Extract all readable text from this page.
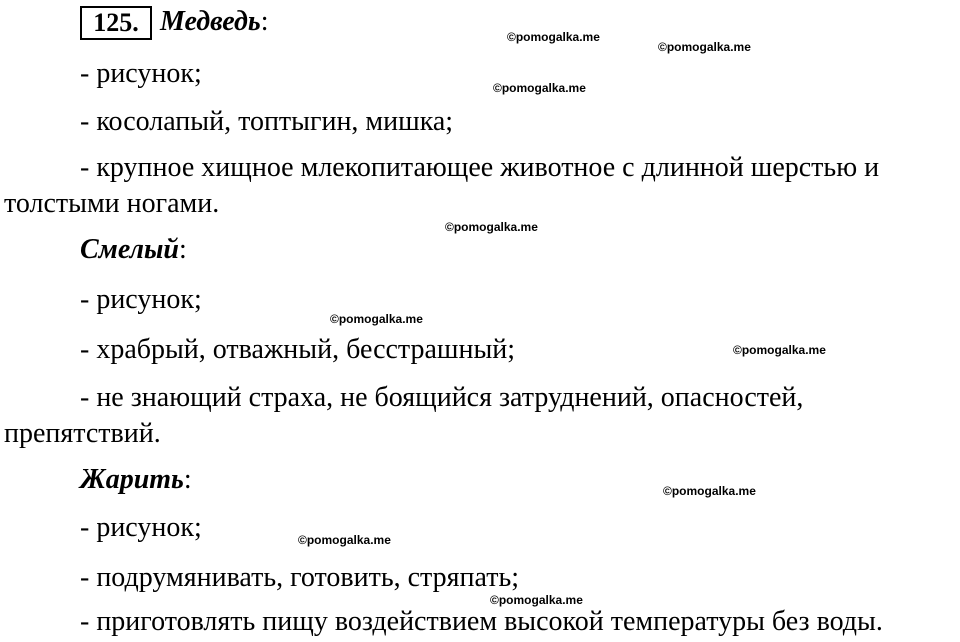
125. Медведь:

- рисунок;

- косолапый, топтыгин, мишка;

- крупное хищное млекопитающее животное с длинной шерстью и

толстыми ногами.

Смелый:

- рисунок;

- храбрый, отважный, бесстрашный;

- не знающий страха, не боящийся затруднений, опасностей,

препятствий.

Жарить:

- рисунок;

- подрумянивать, готовить, стряпать;

- приготовлять пищу воздействием высокой температуры без воды.

©pomogalka.me
©pomogalka.me
©pomogalka.me
©pomogalka.me
©pomogalka.me
©pomogalka.me
©pomogalka.me
©pomogalka.me
©pomogalka.me
